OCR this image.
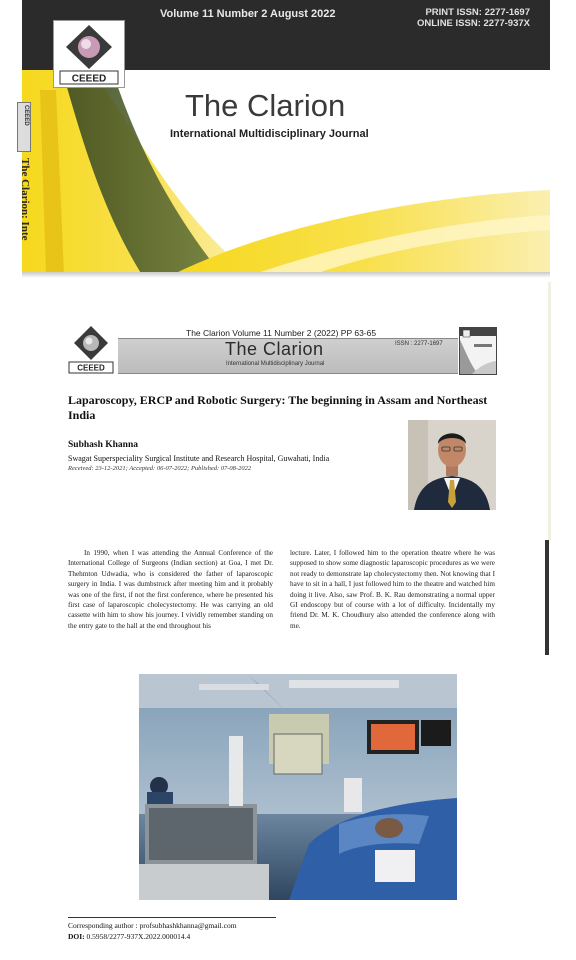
Volume 11 Number 2 August 2022	PRINT ISSN: 2277-1697
ONLINE ISSN: 2277-937X
The Clarion
International Multidisciplinary Journal
CEEED
CEEED
The Clarion: Inte
The Clarion Volume 11 Number 2 (2022) PP 63-65
The Clarion
International Multidisciplinary Journal
ISSN : 2277-1697
CEEED
Laparoscopy, ERCP and Robotic Surgery: The beginning in Assam and Northeast India
Subhash Khanna
Swagat Superspeciality Surgical Institute and Research Hospital, Guwahati, India
Received: 23-12-2021; Accepted: 06-07-2022; Published: 07-08-2022

In 1990, when I was attending the Annual Conference of the International College of Surgeons (Indian section) at Goa, I met Dr. Thehmton Udwadia, who is considered the father of laparoscopic surgery in India. I was dumbstruck after meeting him and it probably was one of the first, if not the first conference, where he presented his first case of laparoscopic cholecystectomy. He was carrying an old cassette with him to show his journey. I vividly remember standing on the entry gate to the hall at the end throughout his

lecture. Later, I followed him to the operation theatre where he was supposed to show some diagnostic laparoscopic procedures as we were not ready to demonstrate lap cholecystectomy then. Not knowing that I have to sit in a hall, I just followed him to the theatre and watched him doing it live. Also, saw Prof. B. K. Rau demonstrating a normal upper GI endoscopy but of course with a lot of difficulty. Incidentally my friend Dr. M. K. Choudhury also attended the conference along with me.

Corresponding author : profsubhashkhanna@gmail.com
DOI: 0.5958/2277-937X.2022.000014.4
